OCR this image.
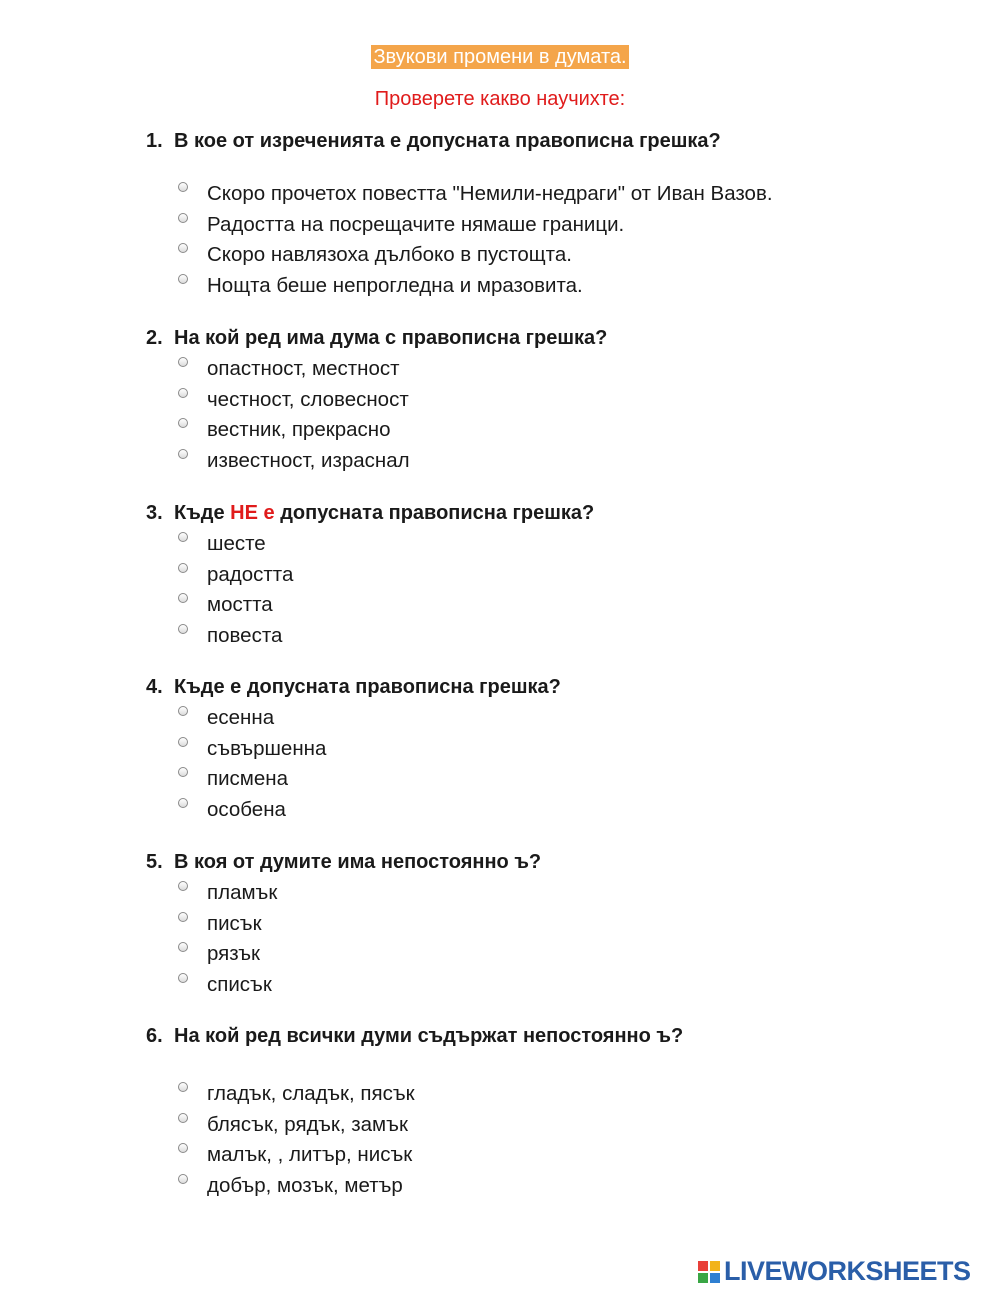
Звукови промени в думата.
Проверете какво научихте:
1. В кое от изреченията е допусната правописна грешка?
Скоро прочетох повестта "Немили-недраги" от Иван Вазов.
Радостта на посрещачите нямаше граници.
Скоро навлязоха дълбоко в пустощта.
Нощта беше непрогледна и мразовита.
2. На кой ред има дума с правописна грешка?
опастност, местност
честност, словесност
вестник, прекрасно
известност, израснал
3. Къде НЕ е допусната правописна грешка?
шесте
радостта
мостта
повеста
4. Къде е допусната правописна грешка?
есенна
съвършенна
писмена
особена
5. В коя от думите има непостоянно ъ?
пламък
писък
рязък
списък
6. На кой ред всички думи съдържат непостоянно ъ?
гладък, сладък, пясък
блясък, рядък, замък
малък, , литър, нисък
добър, мозък, метър
LIVEWORKSHEETS
